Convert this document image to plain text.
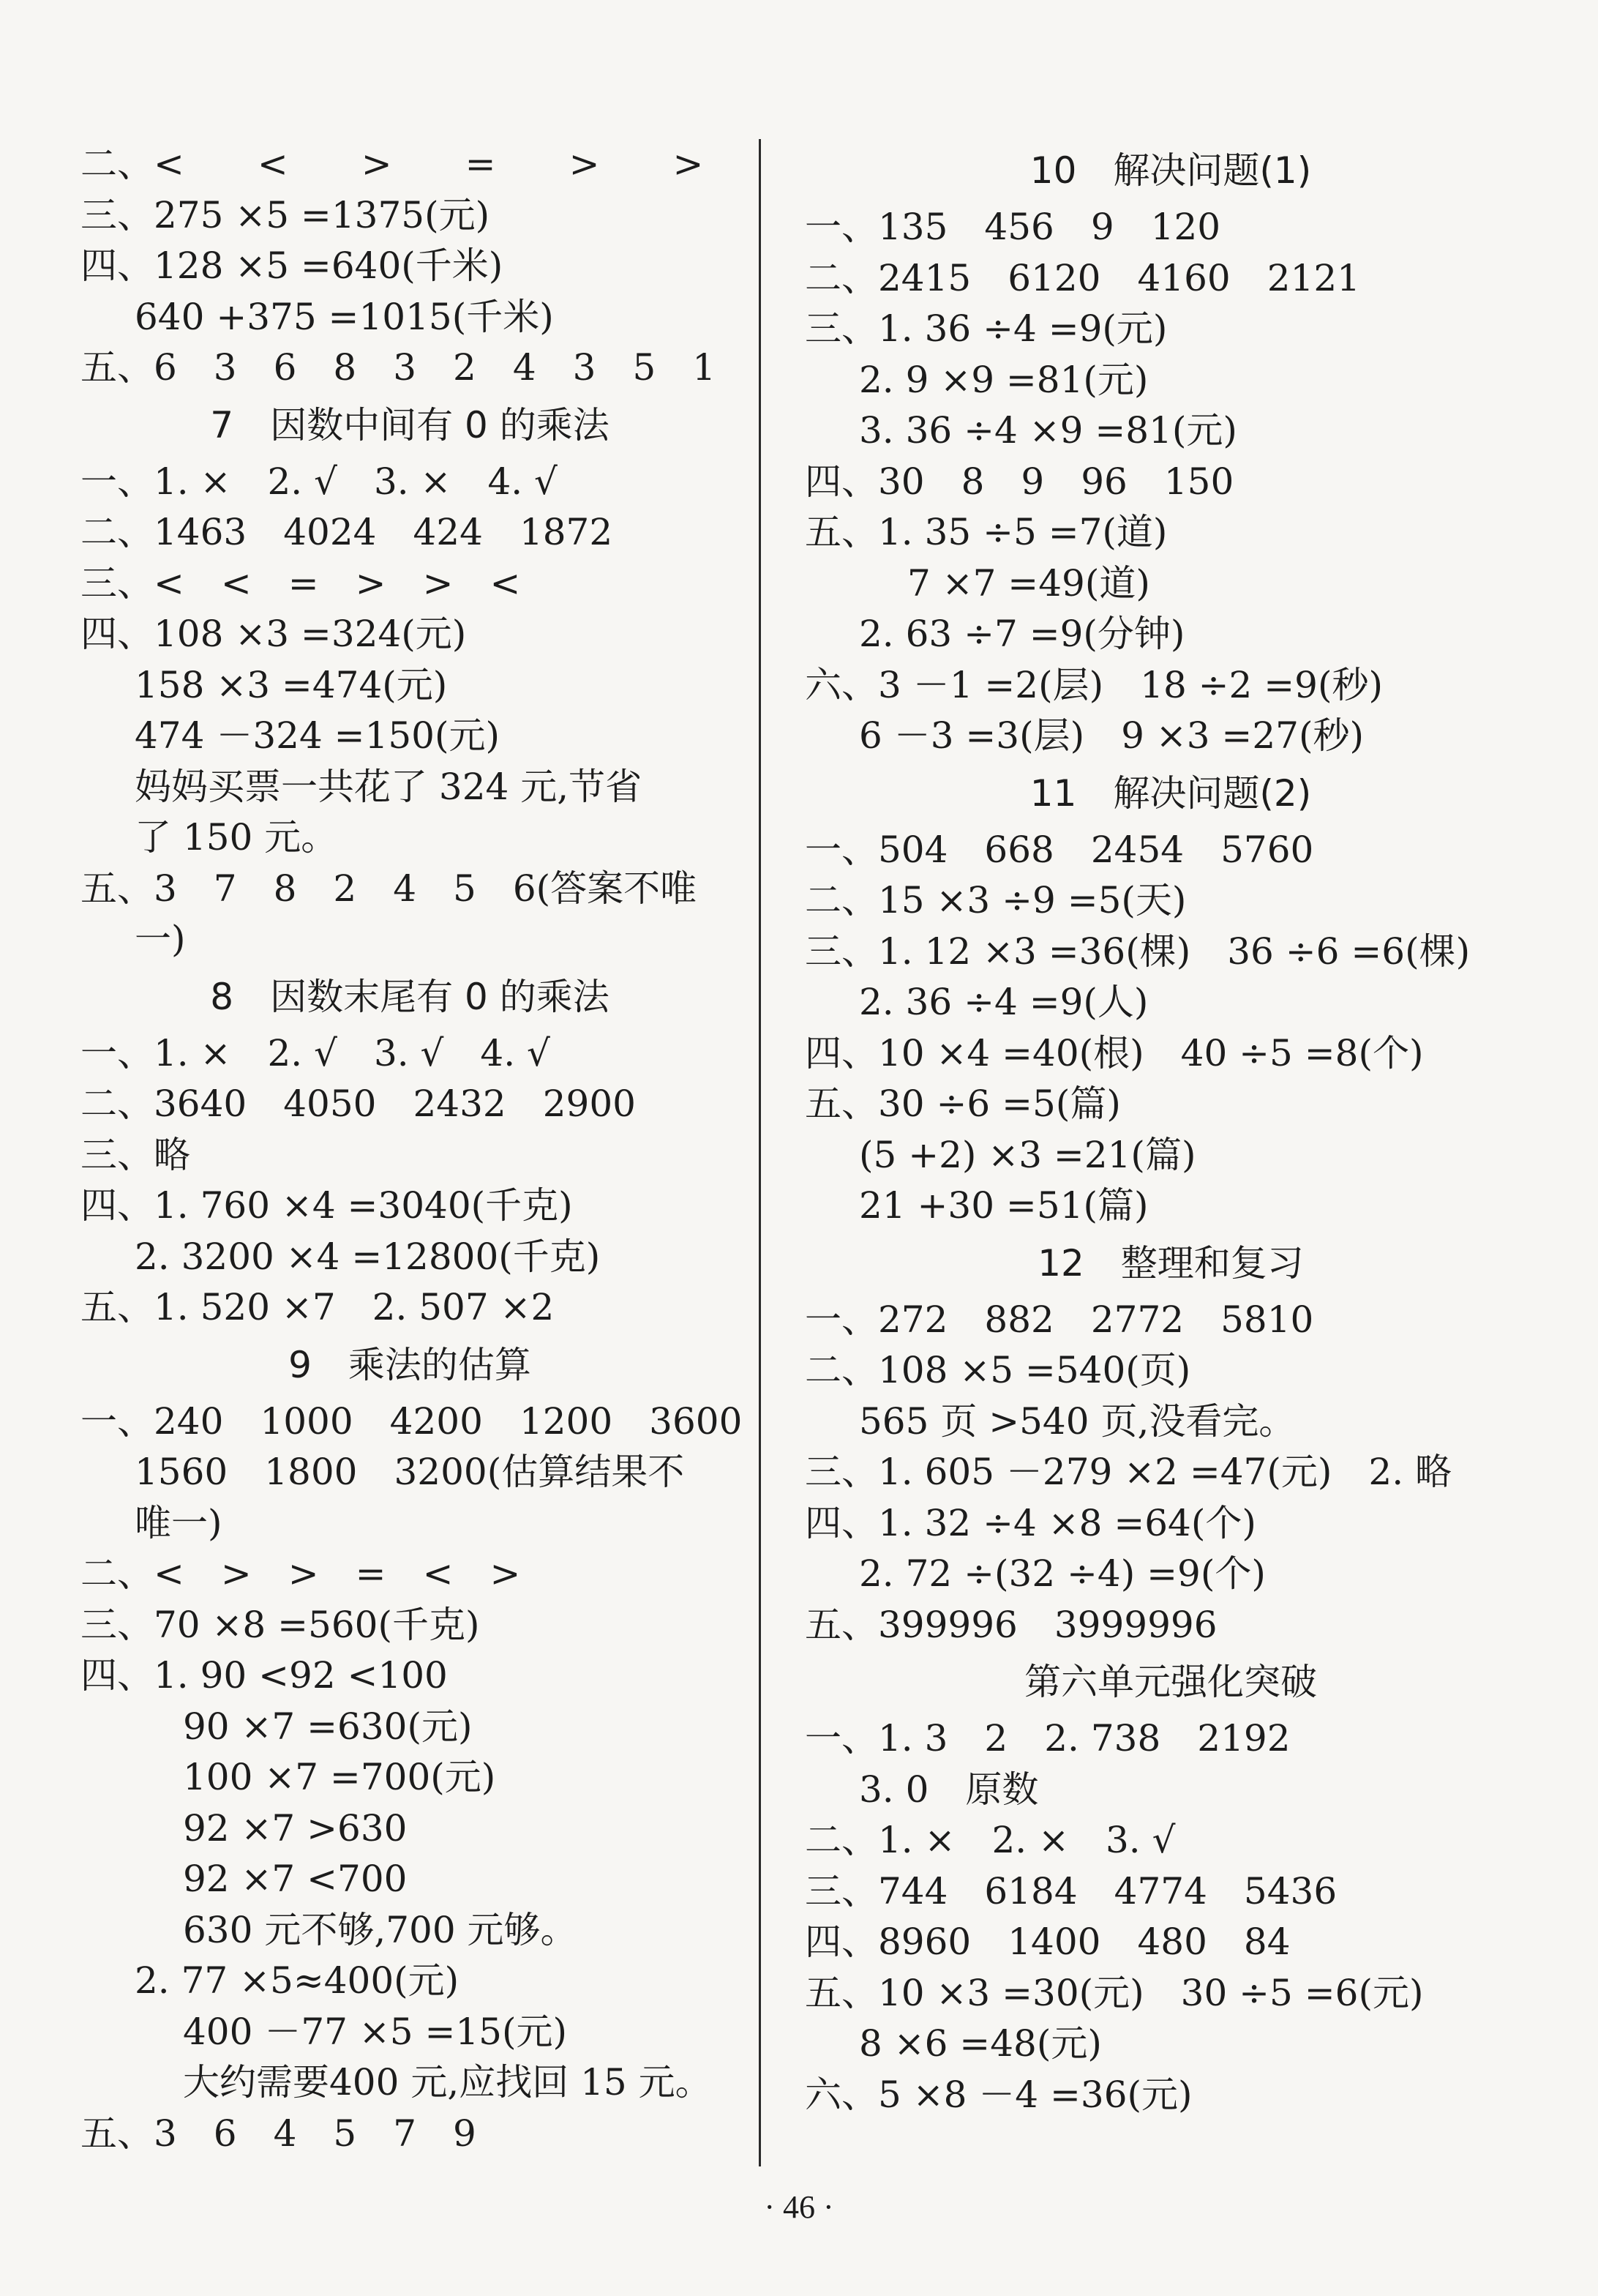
二、<　　<　　>　　=　　>　　>
三、275 ×5 =1375(元)
四、128 ×5 =640(千米)
640 +375 =1015(千米)
五、6　3　6　8　3　2　4　3　5　1
7　因数中间有 0 的乘法
一、1. ×　2. √　3. ×　4. √
二、1463　4024　424　1872
三、<　<　=　>　>　<
四、108 ×3 =324(元)
158 ×3 =474(元)
474 －324 =150(元)
妈妈买票一共花了 324 元,节省
了 150 元。
五、3　7　8　2　4　5　6(答案不唯
一)
8　因数末尾有 0 的乘法
一、1. ×　2. √　3. √　4. √
二、3640　4050　2432　2900
三、略
四、1. 760 ×4 =3040(千克)
2. 3200 ×4 =12800(千克)
五、1. 520 ×7　2. 507 ×2
9　乘法的估算
一、240　1000　4200　1200　3600
1560　1800　3200(估算结果不
唯一)
二、<　>　>　=　<　>
三、70 ×8 =560(千克)
四、1. 90 <92 <100
90 ×7 =630(元)
100 ×7 =700(元)
92 ×7 >630
92 ×7 <700
630 元不够,700 元够。
2. 77 ×5≈400(元)
400 －77 ×5 =15(元)
大约需要400 元,应找回 15 元。
五、3　6　4　5　7　9
10　解决问题(1)
一、135　456　9　120
二、2415　6120　4160　2121
三、1. 36 ÷4 =9(元)
2. 9 ×9 =81(元)
3. 36 ÷4 ×9 =81(元)
四、30　8　9　96　150
五、1. 35 ÷5 =7(道)
7 ×7 =49(道)
2. 63 ÷7 =9(分钟)
六、3 －1 =2(层)　18 ÷2 =9(秒)
6 －3 =3(层)　9 ×3 =27(秒)
11　解决问题(2)
一、504　668　2454　5760
二、15 ×3 ÷9 =5(天)
三、1. 12 ×3 =36(棵)　36 ÷6 =6(棵)
2. 36 ÷4 =9(人)
四、10 ×4 =40(根)　40 ÷5 =8(个)
五、30 ÷6 =5(篇)
(5 +2) ×3 =21(篇)
21 +30 =51(篇)
12　整理和复习
一、272　882　2772　5810
二、108 ×5 =540(页)
565 页 >540 页,没看完。
三、1. 605 －279 ×2 =47(元)　2. 略
四、1. 32 ÷4 ×8 =64(个)
2. 72 ÷(32 ÷4) =9(个)
五、399996　3999996
第六单元强化突破
一、1. 3　2　2. 738　2192
3. 0　原数
二、1. ×　2. ×　3. √
三、744　6184　4774　5436
四、8960　1400　480　84
五、10 ×3 =30(元)　30 ÷5 =6(元)
8 ×6 =48(元)
六、5 ×8 －4 =36(元)
· 46 ·
